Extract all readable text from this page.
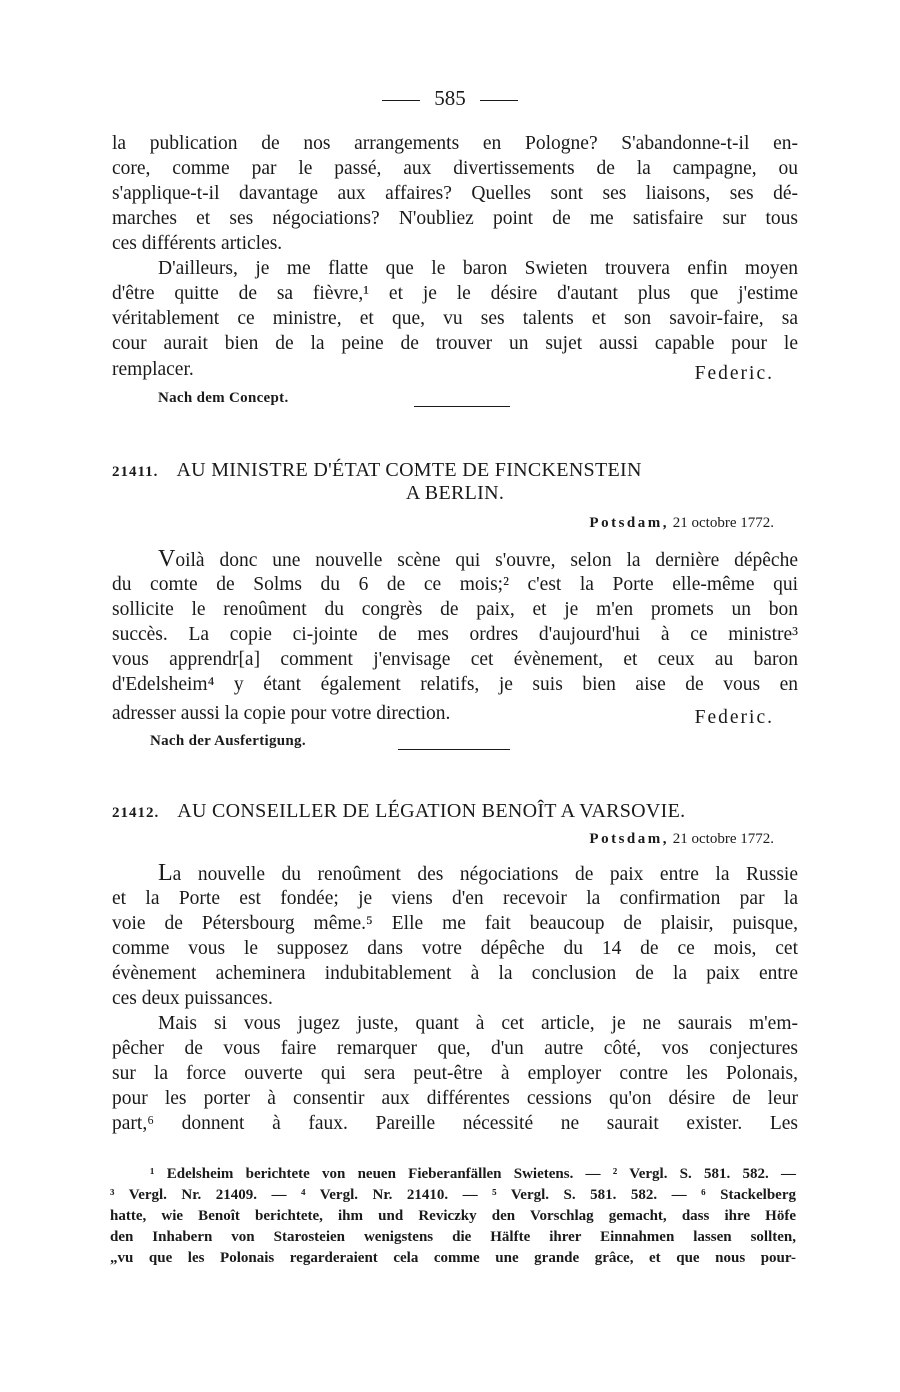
585
la publication de nos arrangements en Pologne? S'abandonne-t-il en-
core, comme par le passé, aux divertissements de la campagne, ou
s'applique-t-il davantage aux affaires? Quelles sont ses liaisons, ses dé-
marches et ses négociations? N'oubliez point de me satisfaire sur tous
ces différents articles.
D'ailleurs, je me flatte que le baron Swieten trouvera enfin moyen
d'être quitte de sa fièvre,¹ et je le désire d'autant plus que j'estime
véritablement ce ministre, et que, vu ses talents et son savoir-faire, sa
cour aurait bien de la peine de trouver un sujet aussi capable pour le
remplacer.	Federic.
Nach dem Concept.
21411. AU MINISTRE D'ÉTAT COMTE DE FINCKENSTEIN
A BERLIN.
Potsdam, 21 octobre 1772.
Voilà donc une nouvelle scène qui s'ouvre, selon la dernière dépêche
du comte de Solms du 6 de ce mois;² c'est la Porte elle-même qui
sollicite le renoûment du congrès de paix, et je m'en promets un bon
succès. La copie ci-jointe de mes ordres d'aujourd'hui à ce ministre³
vous apprendr[a] comment j'envisage cet évènement, et ceux au baron
d'Edelsheim⁴ y étant également relatifs, je suis bien aise de vous en
adresser aussi la copie pour votre direction.	Federic.
Nach der Ausfertigung.
21412. AU CONSEILLER DE LÉGATION BENOÎT A VARSOVIE.
Potsdam, 21 octobre 1772.
La nouvelle du renoûment des négociations de paix entre la Russie
et la Porte est fondée; je viens d'en recevoir la confirmation par la
voie de Pétersbourg même.⁵ Elle me fait beaucoup de plaisir, puisque,
comme vous le supposez dans votre dépêche du 14 de ce mois, cet
évènement acheminera indubitablement à la conclusion de la paix entre
ces deux puissances.
Mais si vous jugez juste, quant à cet article, je ne saurais m'em-
pêcher de vous faire remarquer que, d'un autre côté, vos conjectures
sur la force ouverte qui sera peut-être à employer contre les Polonais,
pour les porter à consentir aux différentes cessions qu'on désire de leur
part,⁶ donnent à faux. Pareille nécessité ne saurait exister. Les
¹ Edelsheim berichtete von neuen Fieberanfällen Swietens. — ² Vergl. S. 581. 582. —
³ Vergl. Nr. 21409. — ⁴ Vergl. Nr. 21410. — ⁵ Vergl. S. 581. 582. — ⁶ Stackelberg
hatte, wie Benoît berichtete, ihm und Reviczky den Vorschlag gemacht, dass ihre Höfe
den Inhabern von Starosteien wenigstens die Hälfte ihrer Einnahmen lassen sollten,
„vu que les Polonais regarderaient cela comme une grande grâce, et que nous pour-
